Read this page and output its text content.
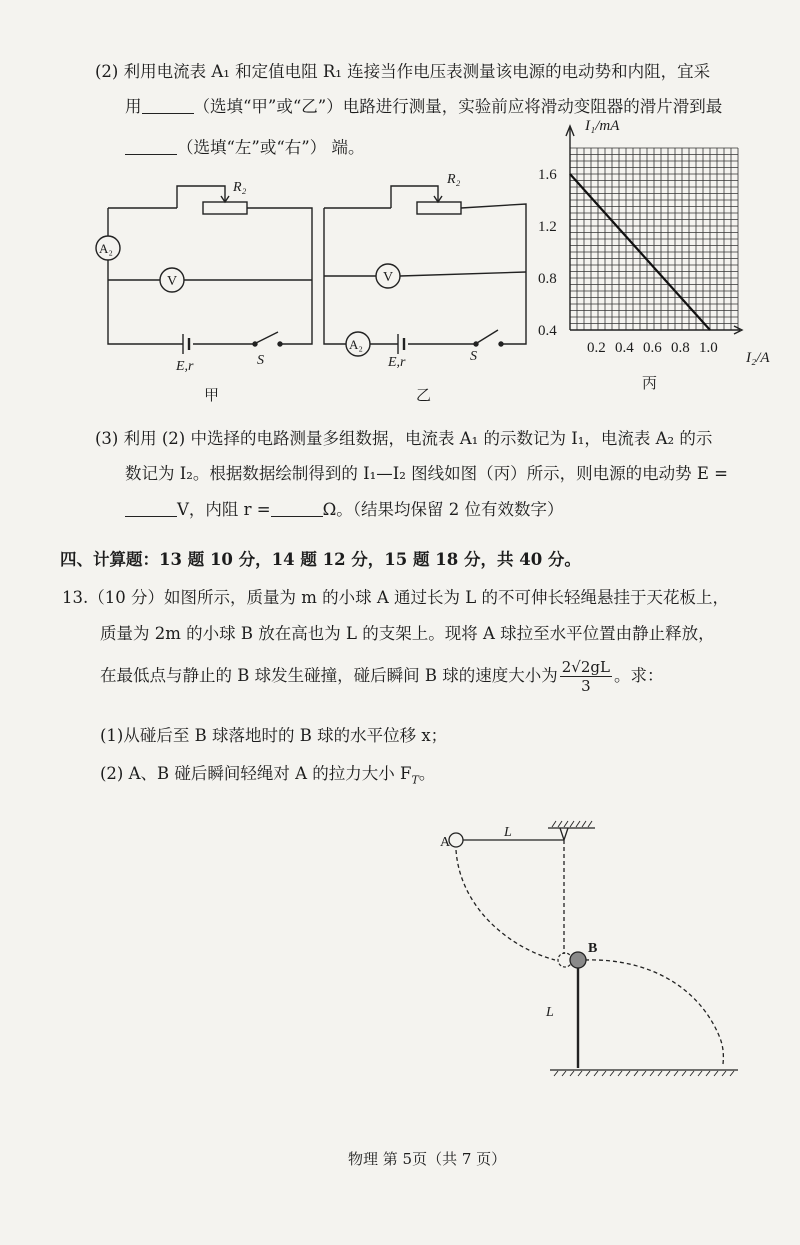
(2) 利用电流表 A₁ 和定值电阻 R₁ 连接当作电压表测量该电源的电动势和内阻，宜采
用	（选填“甲”或“乙”）电路进行测量，实验前应将滑动变阻器的滑片滑到最
（选填“左”或“右”） 端。
A₂
V
R₂
E,r	S
甲
A₂
V
R₂
E,r	S
乙
0.4
0.8
1.2
1.6
0.2 0.4 0.6 0.8 1.0
I₁/mA
I₂/A
丙
(3) 利用 (2) 中选择的电路测量多组数据，电流表 A₁ 的示数记为 I₁，电流表 A₂ 的示
数记为 I₂。根据数据绘制得到的 I₁—I₂ 图线如图（丙）所示，则电源的电动势 E =
V，内阻 r =	Ω。（结果均保留 2 位有效数字）
四、计算题：13 题 10 分，14 题 12 分，15 题 18 分，共 40 分。
13.（10 分）如图所示，质量为 m 的小球 A 通过长为 L 的不可伸长轻绳悬挂于天花板上，
质量为 2m 的小球 B 放在高也为 L 的支架上。现将 A 球拉至水平位置由静止释放，
在最低点与静止的 B 球发生碰撞，碰后瞬间 B 球的速度大小为 $\frac{2√2gL}{3}$ 。求：
(1)从碰后至 B 球落地时的 B 球的水平位移 x；
(2) A、B 碰后瞬间轻绳对 A 的拉力大小 $F_T$。
A
B
L
L
物理 第 5页（共 7 页）
